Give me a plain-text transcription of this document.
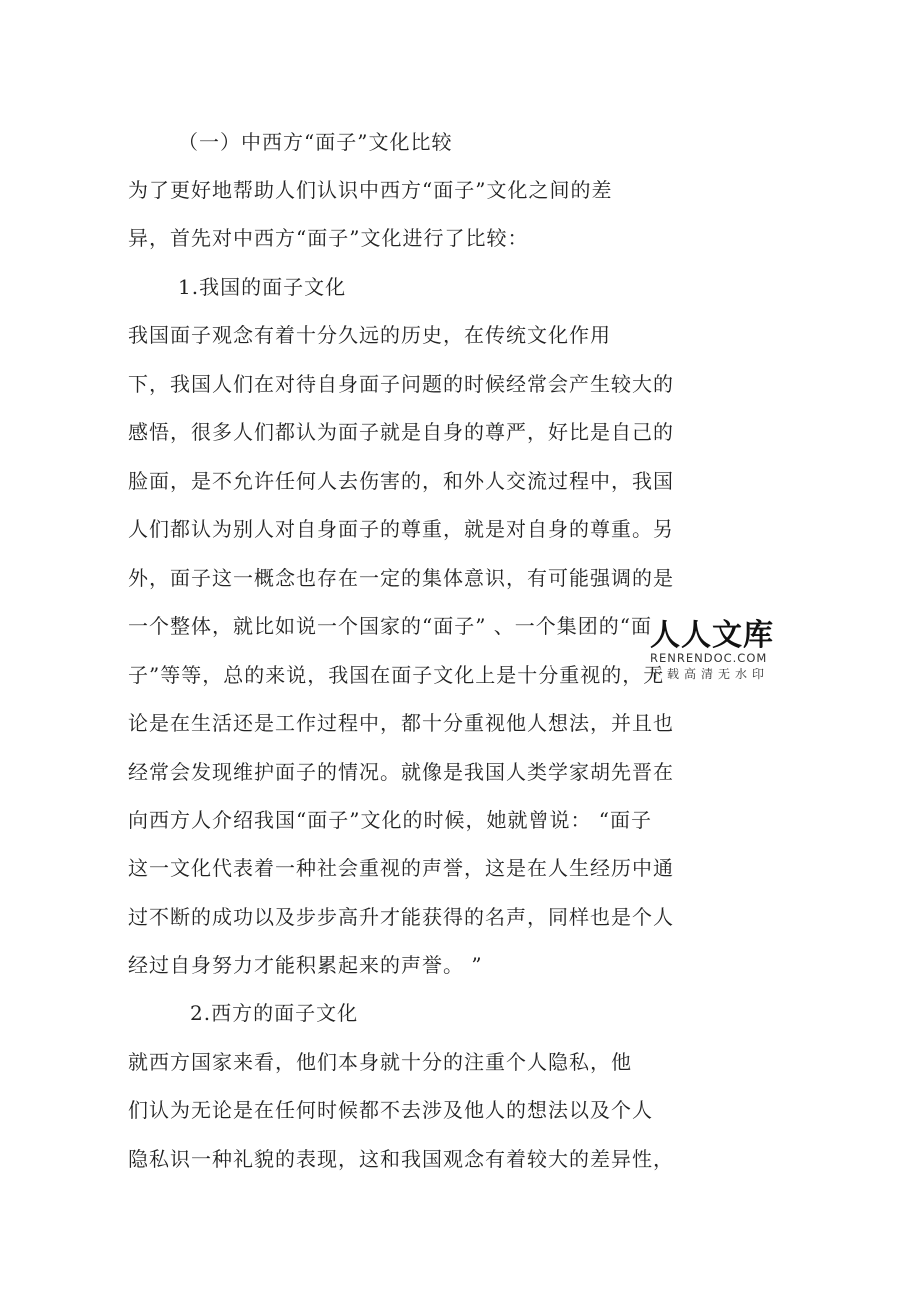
（一）中西方“面子”文化比较
为了更好地帮助人们认识中西方“面子”文化之间的差
异，首先对中西方“面子”文化进行了比较：
1.我国的面子文化
我国面子观念有着十分久远的历史，在传统文化作用
下，我国人们在对待自身面子问题的时候经常会产生较大的
感悟，很多人们都认为面子就是自身的尊严，好比是自己的
脸面，是不允许任何人去伤害的，和外人交流过程中，我国
人们都认为别人对自身面子的尊重，就是对自身的尊重。另
外，面子这一概念也存在一定的集体意识，有可能强调的是
一个整体，就比如说一个国家的“面子” 、一个集团的“面
子”等等，总的来说，我国在面子文化上是十分重视的，无
论是在生活还是工作过程中，都十分重视他人想法，并且也
经常会发现维护面子的情况。就像是我国人类学家胡先晋在
向西方人介绍我国“面子”文化的时候，她就曾说： “面子
这一文化代表着一种社会重视的声誉，这是在人生经历中通
过不断的成功以及步步高升才能获得的名声，同样也是个人
经过自身努力才能积累起来的声誉。 ”
2.西方的面子文化
就西方国家来看，他们本身就十分的注重个人隐私，他
们认为无论是在任何时候都不去涉及他人的想法以及个人
隐私识一种礼貌的表现，这和我国观念有着较大的差异性，
人人文库
RENRENDOC.COM
下载高清无水印
